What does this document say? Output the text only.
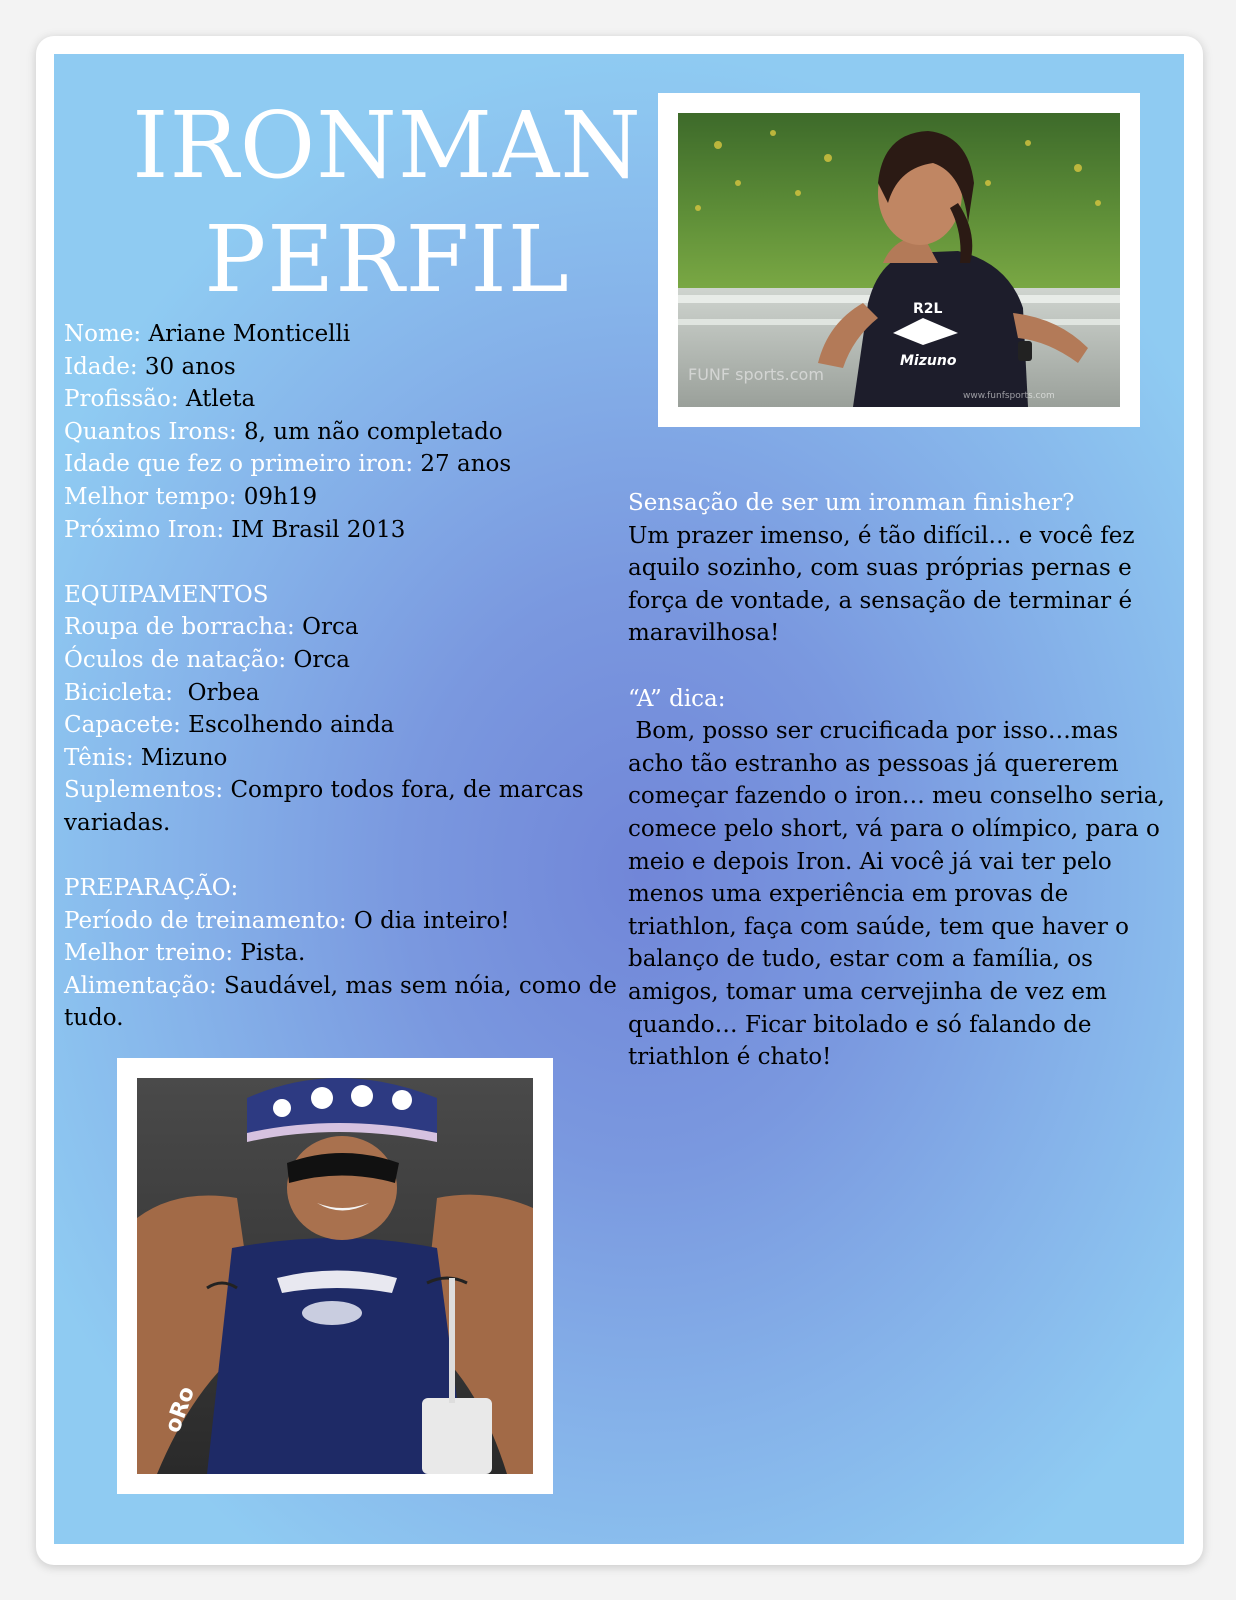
IRONMAN
PERFIL
Mizuno
R2L
FUNF sports.com
www.funfsports.com
oRo
Nome: Ariane Monticelli
Idade: 30 anos
Profissão: Atleta
Quantos Irons: 8, um não completado
Idade que fez o primeiro iron: 27 anos
Melhor tempo: 09h19
Próximo Iron: IM Brasil 2013
EQUIPAMENTOS
Roupa de borracha: Orca
Óculos de natação: Orca
Bicicleta:  Orbea
Capacete: Escolhendo ainda
Tênis: Mizuno
Suplementos: Compro todos fora, de marcas variadas.
PREPARAÇÃO:
Período de treinamento: O dia inteiro!
Melhor treino: Pista.
Alimentação: Saudável, mas sem nóia, como de tudo.
Sensação de ser um ironman finisher?
Um prazer imenso, é tão difícil… e você fez aquilo sozinho, com suas próprias pernas e força de vontade, a sensação de terminar é maravilhosa!
“A” dica:
Bom, posso ser crucificada por isso…mas acho tão estranho as pessoas já quererem começar fazendo o iron… meu conselho seria, comece pelo short, vá para o olímpico, para o meio e depois Iron. Ai você já vai ter pelo menos uma experiência em provas de triathlon, faça com saúde, tem que haver o balanço de tudo, estar com a família, os amigos, tomar uma cervejinha de vez em quando… Ficar bitolado e só falando de triathlon é chato!
